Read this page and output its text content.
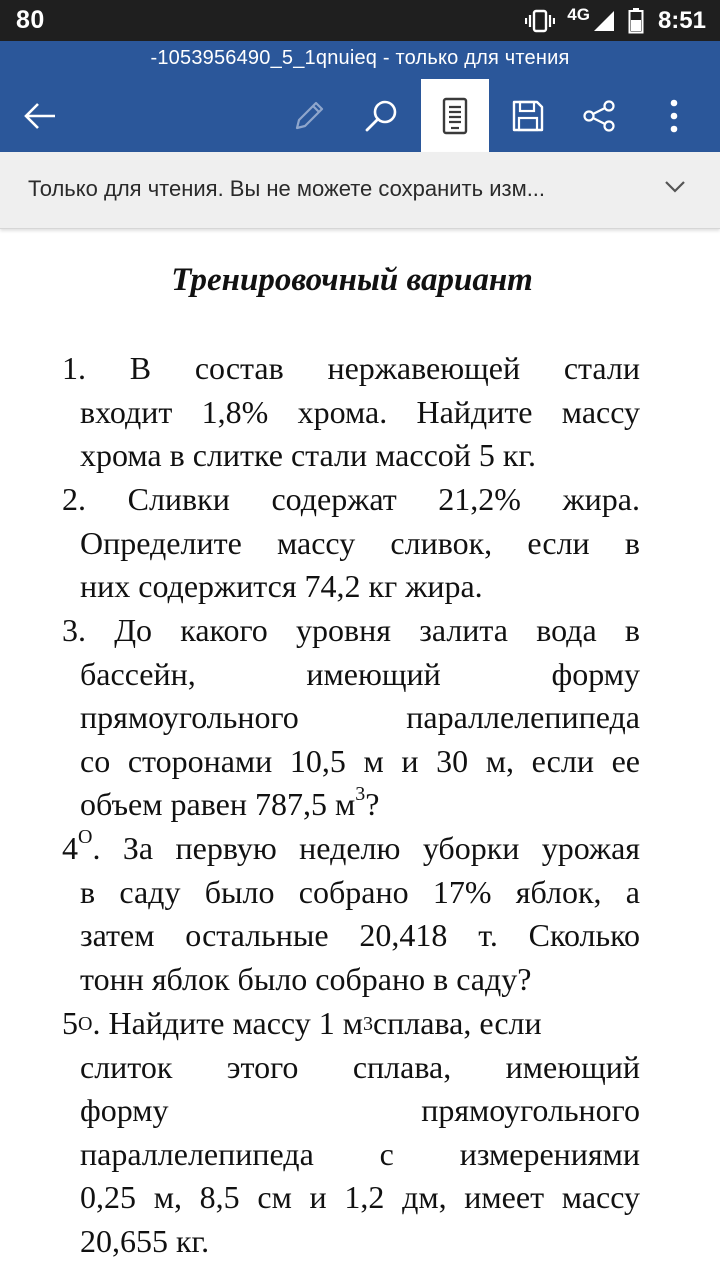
80	4G	8:51
-1053956490_5_1qnuieq - только для чтения
Только для чтения. Вы не можете сохранить изм...
Тренировочный вариант
1. В состав нержавеющей стали
входит 1,8% хрома. Найдите массу
хрома в слитке стали массой 5 кг.
2. Сливки содержат 21,2% жира.
Определите массу сливок, если в
них содержится 74,2 кг жира.
3. До какого уровня залита вода в
бассейн, имеющий форму
прямоугольного параллелепипеда
со сторонами 10,5 м и 30 м, если ее
объем равен 787,5 $м^3$?
$4^О$. За первую неделю уборки урожая
в саду было собрано 17% яблок, а
затем остальные 20,418 т. Сколько
тонн яблок было собрано в саду?
$5^О$ . Найдите массу 1 $м^3$ сплава, если
слиток этого сплава, имеющий
форму прямоугольного
параллелепипеда с измерениями
0,25 м, 8,5 см и 1,2 дм, имеет массу
20,655 кг.
